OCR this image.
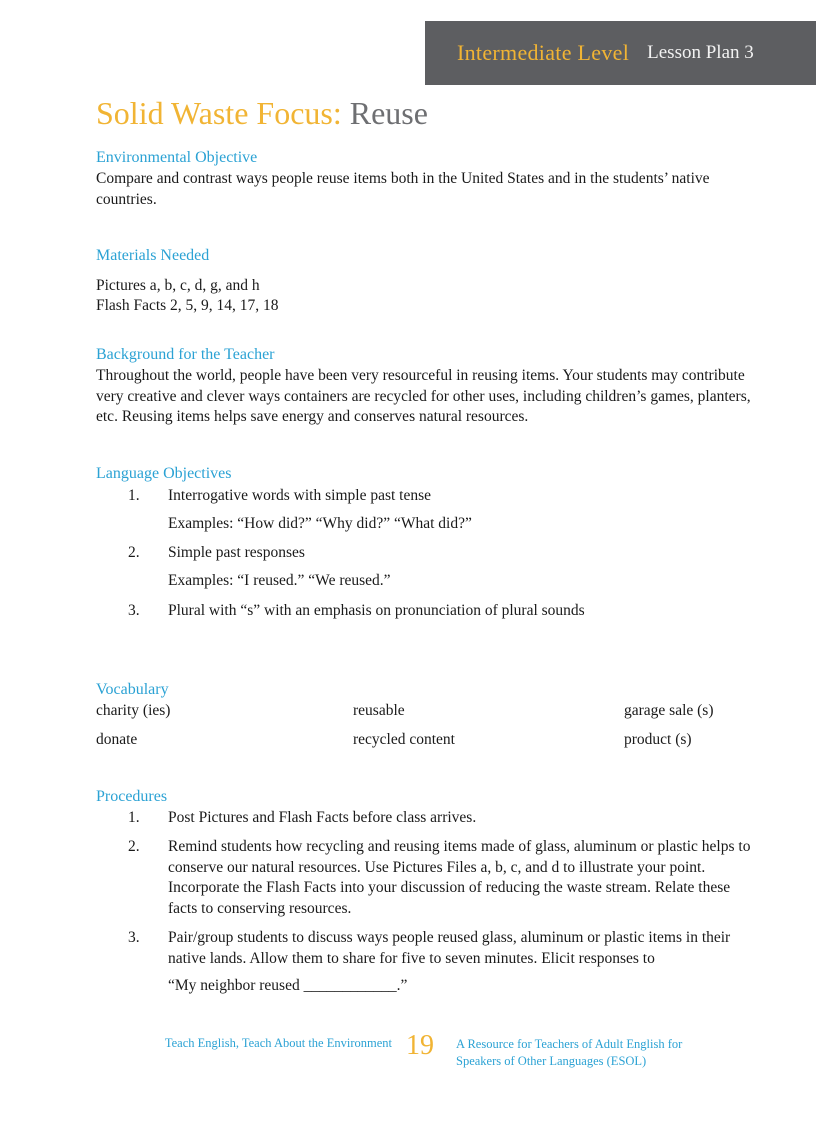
Intermediate Level Lesson Plan 3
Solid Waste Focus: Reuse
Environmental Objective

Compare and contrast ways people reuse items both in the United States and in the students’ native countries.

Materials Needed

Pictures a, b, c, d, g, and h

Flash Facts 2, 5, 9, 14, 17, 18

Background for the Teacher

Throughout the world, people have been very resourceful in reusing items. Your students may contribute very creative and clever ways containers are recycled for other uses, including children’s games, planters, etc. Reusing items helps save energy and conserves natural resources.

Language Objectives
1. Interrogative words with simple past tense

Examples: “How did?” “Why did?” “What did?”

2. Simple past responses

Examples: “I reused.” “We reused.”

3. Plural with “s” with an emphasis on pronunciation of plural sounds

Vocabulary
charity (ies)	reusable	garage sale (s)
donate	recycled content	product (s)
Procedures
1. Post Pictures and Flash Facts before class arrives.

2. Remind students how recycling and reusing items made of glass, aluminum or plastic helps to conserve our natural resources. Use Pictures Files a, b, c, and d to illustrate your point. Incorporate the Flash Facts into your discussion of reducing the waste stream. Relate these facts to conserving resources.

3. Pair/group students to discuss ways people reused glass, aluminum or plastic items in their native lands. Allow them to share for five to seven minutes. Elicit responses to

“My neighbor reused ____________.”

Teach English, Teach About the Environment 19 A Resource for Teachers of Adult English for Speakers of Other Languages (ESOL)
